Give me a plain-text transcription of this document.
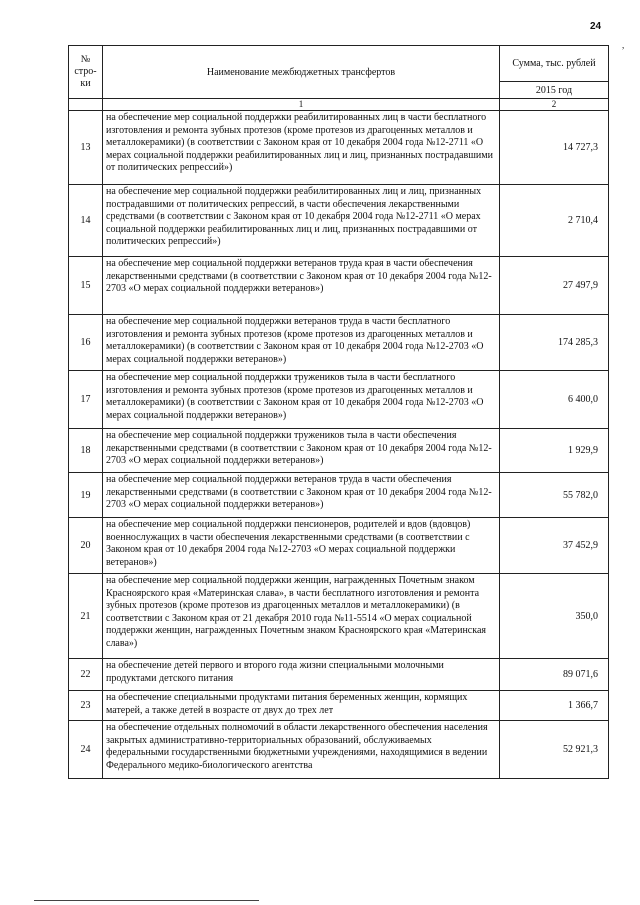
24
,
№ стро-ки	Наименование межбюджетных трансфертов	Сумма, тыс. рублей
		2015 год
	1	2
13	на обеспечение мер социальной поддержки реабилитированных лиц в части бесплатного изготовления и ремонта зубных протезов (кроме протезов из драгоценных металлов и металлокерамики) (в соответствии с Законом края от 10 декабря 2004 года №12-2711 «О мерах социальной поддержки реабилитированных лиц и лиц, признанных пострадавшими от политических репрессий»)	14 727,3
14	на обеспечение мер социальной поддержки реабилитированных лиц и лиц, признанных пострадавшими от политических репрессий, в части обеспечения лекарственными средствами (в соответствии с Законом края от 10 декабря 2004 года №12-2711 «О мерах социальной поддержки реабилитированных лиц и лиц, признанных пострадавшими от политических репрессий»)	2 710,4
15	на обеспечение мер социальной поддержки ветеранов труда края в части обеспечения лекарственными средствами (в соответствии с Законом края от 10 декабря 2004 года №12-2703 «О мерах социальной поддержки ветеранов»)	27 497,9
16	на обеспечение мер социальной поддержки ветеранов труда в части бесплатного изготовления и ремонта зубных протезов (кроме протезов из драгоценных металлов и металлокерамики) (в соответствии с Законом края от 10 декабря 2004 года №12-2703 «О мерах социальной поддержки ветеранов»)	174 285,3
17	на обеспечение мер социальной поддержки тружеников тыла в части бесплатного изготовления и ремонта зубных протезов (кроме протезов из драгоценных металлов и металлокерамики) (в соответствии с Законом края от 10 декабря 2004 года №12-2703 «О мерах социальной поддержки ветеранов»)	6 400,0
18	на обеспечение мер социальной поддержки тружеников тыла в части обеспечения лекарственными средствами (в соответствии с Законом края от 10 декабря 2004 года №12-2703 «О мерах социальной поддержки ветеранов»)	1 929,9
19	на обеспечение мер социальной поддержки ветеранов труда в части обеспечения лекарственными средствами (в соответствии с Законом края от 10 декабря 2004 года №12-2703 «О мерах социальной поддержки ветеранов»)	55 782,0
20	на обеспечение мер социальной поддержки пенсионеров, родителей и вдов (вдовцов) военнослужащих в части обеспечения лекарственными средствами (в соответствии с Законом края от 10 декабря 2004 года №12-2703 «О мерах социальной поддержки ветеранов»)	37 452,9
21	на обеспечение мер социальной поддержки женщин, награжденных Почетным знаком Красноярского края «Материнская слава», в части бесплатного изготовления и ремонта зубных протезов (кроме протезов из драгоценных металлов и металлокерамики) (в соответствии с Законом края от 21 декабря 2010 года №11-5514 «О мерах социальной поддержки женщин, награжденных Почетным знаком Красноярского края «Материнская слава»)	350,0
22	на обеспечение детей первого и второго года жизни специальными молочными продуктами детского питания	89 071,6
23	на обеспечение специальными продуктами питания беременных женщин, кормящих матерей, а также детей в возрасте от двух до трех лет	1 366,7
24	на обеспечение отдельных полномочий в области лекарственного обеспечения населения закрытых административно-территориальных образований, обслуживаемых федеральными государственными бюджетными учреждениями, находящимися в ведении Федерального медико-биологического агентства	52 921,3
